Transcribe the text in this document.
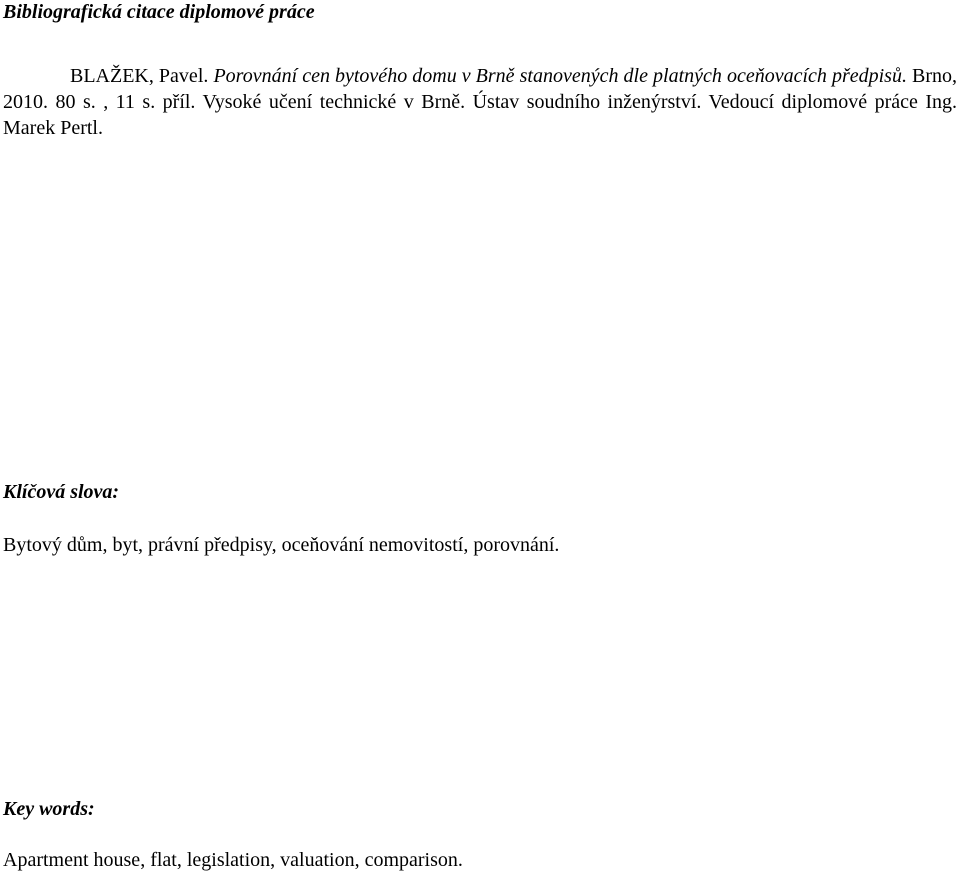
Bibliografická citace diplomové práce

BLAŽEK, Pavel. Porovnání cen bytového domu v Brně stanovených dle platných oceňovacích předpisů. Brno, 2010. 80 s. , 11 s. příl. Vysoké učení technické v Brně. Ústav soudního inženýrství. Vedoucí diplomové práce Ing. Marek Pertl.

Klíčová slova:

Bytový dům, byt, právní předpisy, oceňování nemovitostí, porovnání.

Key words:

Apartment house, flat, legislation, valuation, comparison.
